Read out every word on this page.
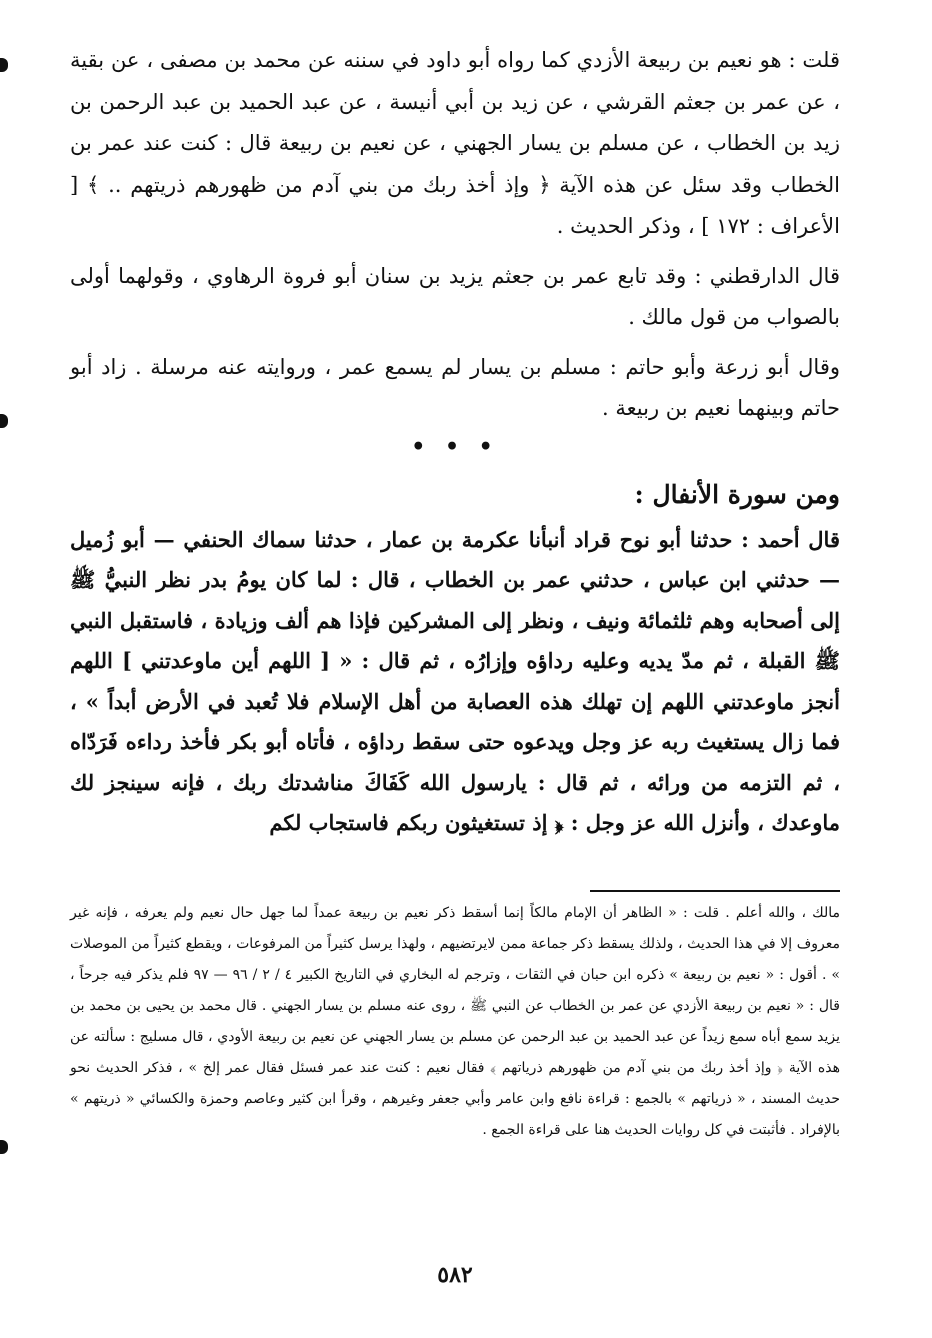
قلت : هو نعيم بن ربيعة الأزدي كما رواه أبو داود في سننه عن محمد بن مصفى ، عن بقية ، عن عمر بن جعثم القرشي ، عن زيد بن أبي أنيسة ، عن عبد الحميد بن عبد الرحمن بن زيد بن الخطاب ، عن مسلم بن يسار الجهني ، عن نعيم بن ربيعة قال : كنت عند عمر بن الخطاب وقد سئل عن هذه الآية ﴿ وإذ أخذ ربك من بني آدم من ظهورهم ذريتهم .. ﴾ [ الأعراف : ١٧٢ ] ، وذكر الحديث .

قال الدارقطني : وقد تابع عمر بن جعثم يزيد بن سنان أبو فروة الرهاوي ، وقولهما أولى بالصواب من قول مالك .

وقال أبو زرعة وأبو حاتم : مسلم بن يسار لم يسمع عمر ، وروايته عنه مرسلة . زاد أبو حاتم وبينهما نعيم بن ربيعة .

• • •
ومن سورة الأنفال :

قال أحمد : حدثنا أبو نوح قراد أنبأنا عكرمة بن عمار ، حدثنا سماك الحنفي — أبو زُميل — حدثني ابن عباس ، حدثني عمر بن الخطاب ، قال : لما كان يومُ بدر نظر النبيُّ ﷺ إلى أصحابه وهم ثلثمائة ونيف ، ونظر إلى المشركين فإذا هم ألف وزيادة ، فاستقبل النبي ﷺ القبلة ، ثم مدّ يديه وعليه رداؤه وإزارُه ، ثم قال : « [ اللهم أين ماوعدتني ] اللهم أنجز ماوعدتني اللهم إن تهلك هذه العصابة من أهل الإسلام فلا تُعبد في الأرض أبداً » ، فما زال يستغيث ربه عز وجل ويدعوه حتى سقط رداؤه ، فأتاه أبو بكر فأخذ رداءه فَرَدّاه ، ثم التزمه من ورائه ، ثم قال : يارسول الله كَفَاكَ مناشدتك ربك ، فإنه سينجز لك ماوعدك ، وأنزل الله عز وجل : ﴿ إذ تستغيثون ربكم فاستجاب لكم

مالك ، والله أعلم . قلت : « الظاهر أن الإمام مالكاً إنما أسقط ذكر نعيم بن ربيعة عمداً لما جهل حال نعيم ولم يعرفه ، فإنه غير معروف إلا في هذا الحديث ، ولذلك يسقط ذكر جماعة ممن لايرتضيهم ، ولهذا يرسل كثيراً من المرفوعات ، ويقطع كثيراً من الموصلات » . أقول : « نعيم بن ربيعة » ذكره ابن حبان في الثقات ، وترجم له البخاري في التاريخ الكبير ٤ / ٢ / ٩٦ — ٩٧ فلم يذكر فيه جرحاً ، قال : « نعيم بن ربيعة الأزدي عن عمر بن الخطاب عن النبي ﷺ ، روى عنه مسلم بن يسار الجهني . قال محمد بن يحيى بن محمد بن يزيد سمع أباه سمع زيداً عن عبد الحميد بن عبد الرحمن عن مسلم بن يسار الجهني عن نعيم بن ربيعة الأودي ، قال مسليج : سألته عن هذه الآية ﴿ وإذ أخذ ربك من بني آدم من ظهورهم ذرياتهم ﴾ فقال نعيم : كنت عند عمر فسئل فقال عمر إلخ » ، فذكر الحديث نحو حديث المسند ، « ذرياتهم » بالجمع : قراءة نافع وابن عامر وأبي جعفر وغيرهم ، وقرأ ابن كثير وعاصم وحمزة والكسائي « ذريتهم » بالإفراد . فأثبتت في كل روايات الحديث هنا على قراءة الجمع .

٥٨٢
